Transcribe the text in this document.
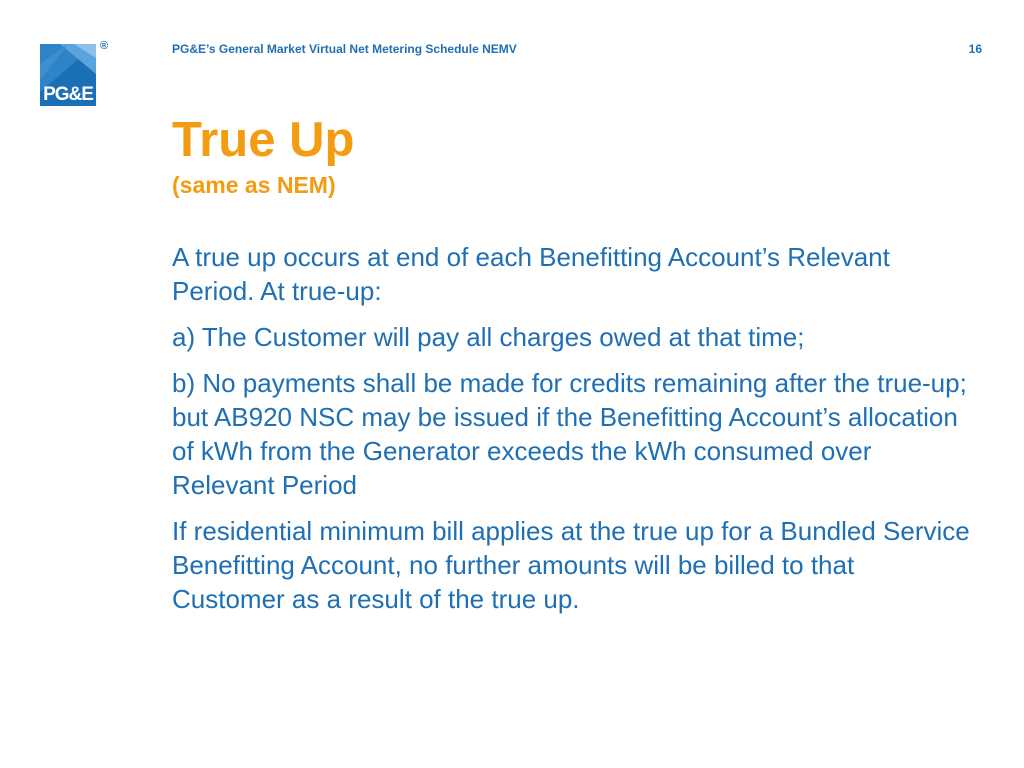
PG&E
®	PG&E’s General Market Virtual Net Metering Schedule NEMV	16
True Up
(same as NEM)

A true up occurs at end of each Benefitting Account’s Relevant Period. At true-up:

a) The Customer will pay all charges owed at that time;

b) No payments shall be made for credits remaining after the true-up; but AB920 NSC may be issued if the Benefitting Account’s allocation of kWh from the Generator exceeds the kWh consumed over Relevant Period

If residential minimum bill applies at the true up for a Bundled Service Benefitting Account, no further amounts will be billed to that Customer as a result of the true up.
